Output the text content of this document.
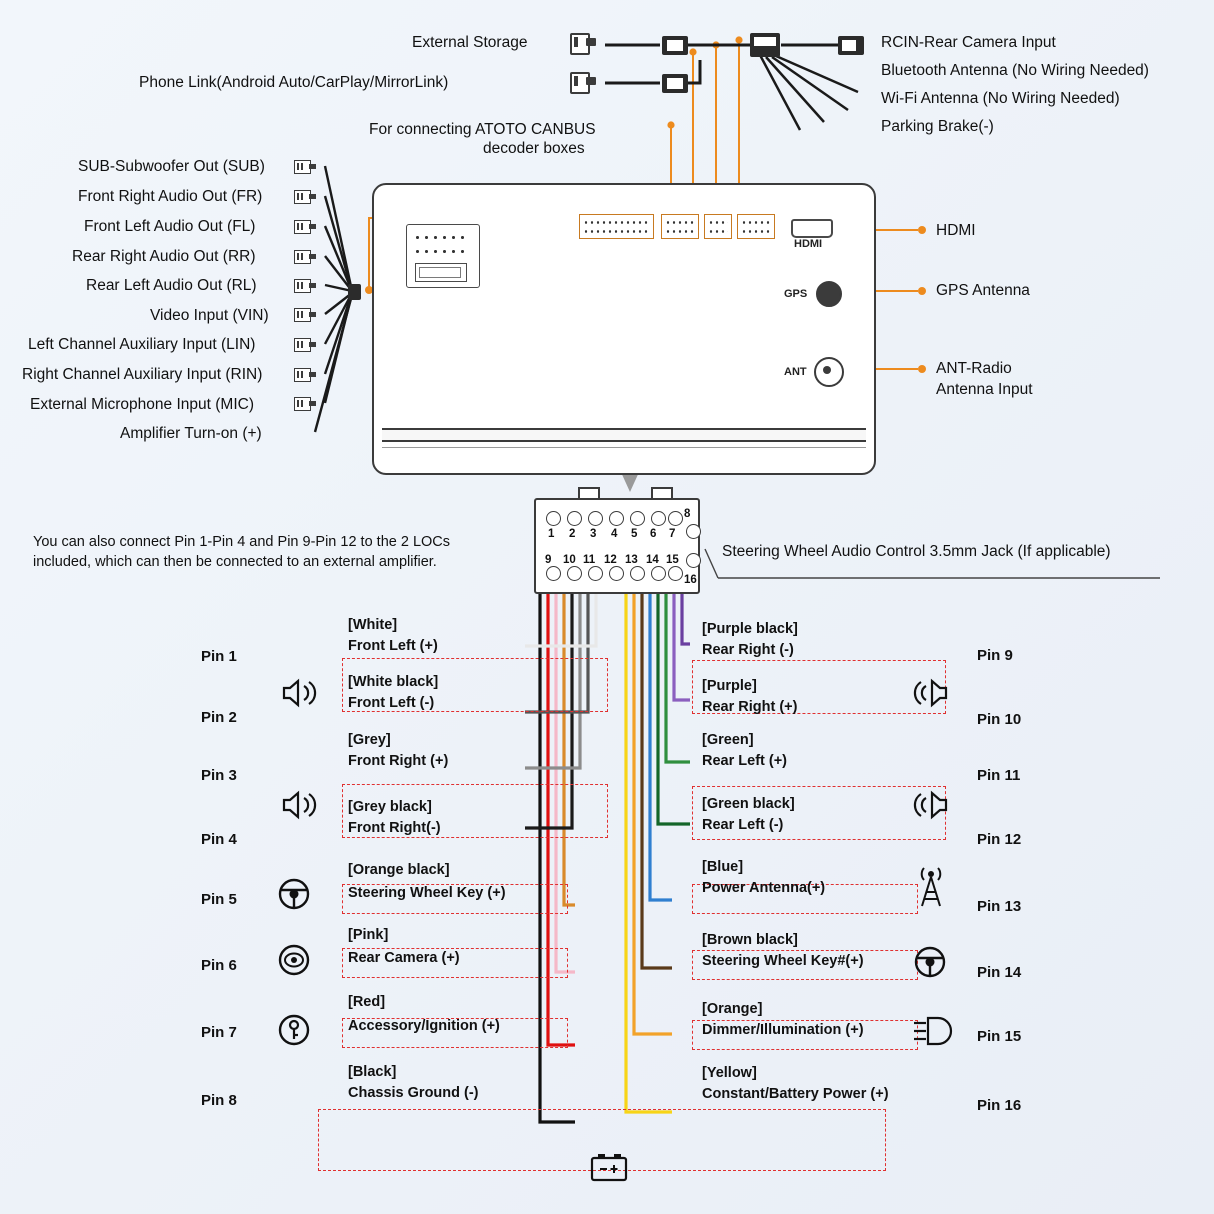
HDMI
GPS
ANT
SUB-Subwoofer Out (SUB)
Front Right Audio Out (FR)
Front Left Audio Out (FL)
Rear Right Audio Out (RR)
Rear Left Audio Out (RL)
Video Input (VIN)
Left Channel Auxiliary Input (LIN)
Right Channel Auxiliary Input (RIN)
External Microphone Input (MIC)
Amplifier Turn-on (+)
External Storage
Phone Link(Android Auto/CarPlay/MirrorLink)
For connecting ATOTO CANBUS
decoder boxes
RCIN-Rear Camera Input
Bluetooth Antenna (No Wiring Needed)
Wi-Fi Antenna (No Wiring Needed)
Parking Brake(-)
HDMI
GPS Antenna
ANT-Radio
Antenna Input
1 2 3 4 5 6 7
8
9 10 11 12 13 14 15
16
You can also connect Pin 1-Pin 4 and Pin 9-Pin 12 to the 2 LOCs
included, which can then be connected to an external amplifier.
Steering Wheel Audio Control 3.5mm Jack (If applicable)
Pin 1
[White]
Front Left (+)
Pin 2
[White black]
Front Left (-)
Pin 3
[Grey]
Front Right (+)
Pin 4
[Grey black]
Front Right(-)
Pin 5
[Orange black]
Steering Wheel Key (+)
Pin 6
[Pink]
Rear Camera (+)
Pin 7
[Red]
Accessory/Ignition (+)
Pin 8
[Black]
Chassis Ground (-)
Pin 9
[Purple black]
Rear Right (-)
Pin 10
[Purple]
Rear Right (+)
Pin 11
[Green]
Rear Left (+)
Pin 12
[Green black]
Rear Left (-)
Pin 13
[Blue]
Power Antenna(+)
Pin 14
[Brown black]
Steering Wheel Key#(+)
Pin 15
[Orange]
Dimmer/Illumination (+)
Pin 16
[Yellow]
Constant/Battery Power (+)
